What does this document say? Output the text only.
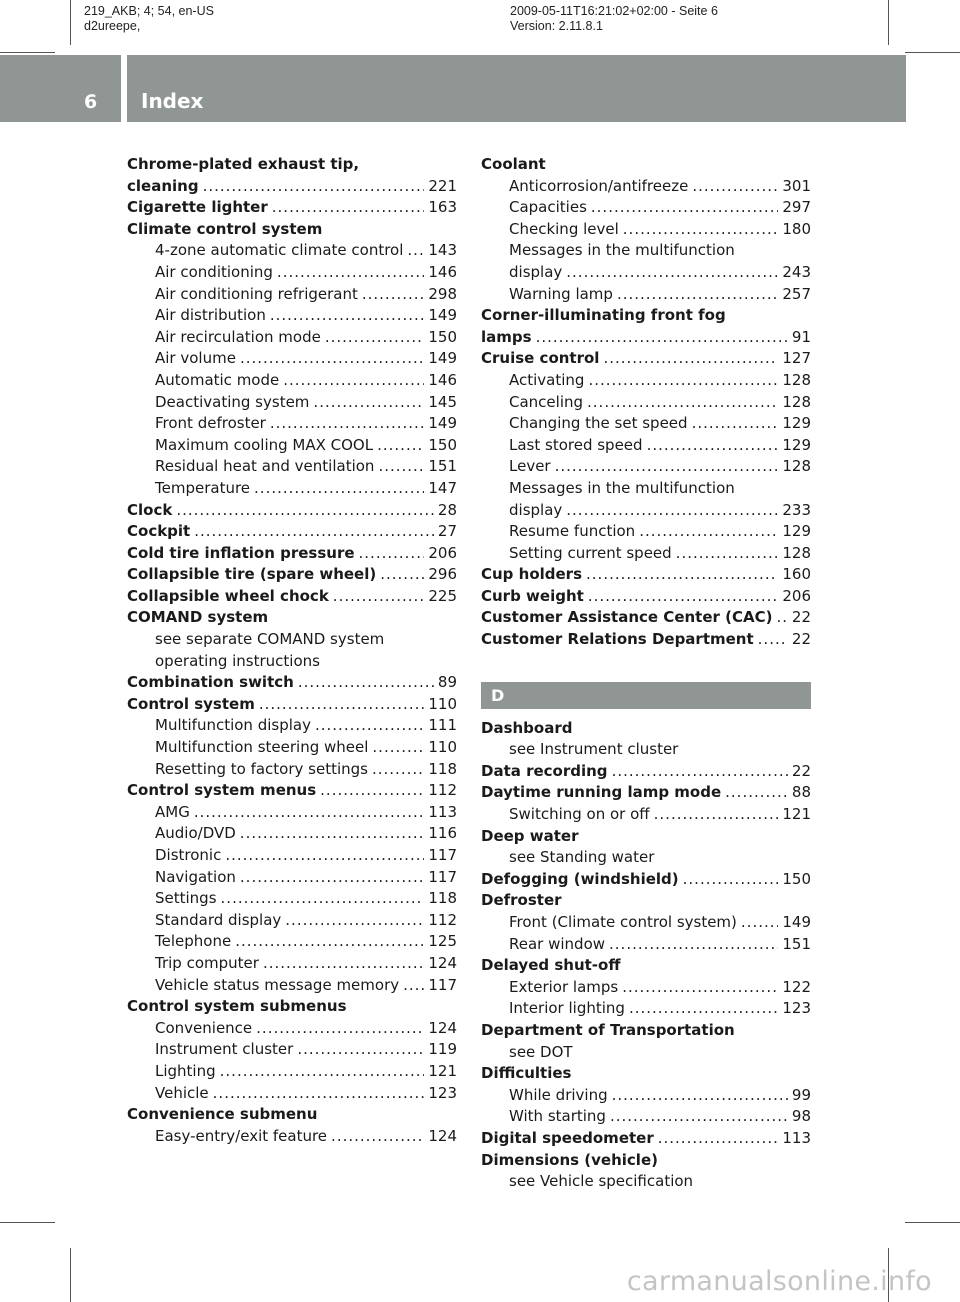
219_AKB; 4; 54, en-US
d2ureepe,
2009-05-11T16:21:02+02:00 - Seite 6
Version: 2.11.8.1
6	Index
Chrome-plated exhaust tip,
cleaning .....	221
Cigarette lighter .....	163
Climate control system
4-zone automatic climate control ..... 143
Air conditioning .....	146
Air conditioning refrigerant .....	298
Air distribution .....	149
Air recirculation mode .....	150
Air volume .....	149
Automatic mode .....	146
Deactivating system .....	145
Front defroster .....	149
Maximum cooling MAX COOL .....	150
Residual heat and ventilation .....	151
Temperature .....	147
Clock .....	28
Cockpit .....	27
Cold tire inflation pressure .....	206
Collapsible tire (spare wheel) .....	296
Collapsible wheel chock .....	225
COMAND system
see separate COMAND system
operating instructions
Combination switch .....	89
Control system .....	110
Multifunction display .....	111
Multifunction steering wheel .....	110
Resetting to factory settings .....	118
Control system menus .....	112
AMG .....	113
Audio/DVD .....	116
Distronic .....	117
Navigation .....	117
Settings .....	118
Standard display .....	112
Telephone .....	125
Trip computer .....	124
Vehicle status message memory ..... 117
Control system submenus
Convenience .....	124
Instrument cluster .....	119
Lighting .....	121
Vehicle .....	123
Convenience submenu
Easy-entry/exit feature .....	124
Coolant
Anticorrosion/antifreeze .....	301
Capacities .....	297
Checking level .....	180
Messages in the multifunction
display .....	243
Warning lamp .....	257
Corner-illuminating front fog
lamps .....	91
Cruise control .....	127
Activating .....	128
Canceling .....	128
Changing the set speed .....	129
Last stored speed .....	129
Lever .....	128
Messages in the multifunction
display .....	233
Resume function .....	129
Setting current speed .....	128
Cup holders .....	160
Curb weight .....	206
Customer Assistance Center (CAC) ..... 22
Customer Relations Department .....	22
D
Dashboard
see Instrument cluster
Data recording .....	22
Daytime running lamp mode .....	88
Switching on or off .....	121
Deep water
see Standing water
Defogging (windshield) .....	150
Defroster
Front (Climate control system) .....	149
Rear window .....	151
Delayed shut-off
Exterior lamps .....	122
Interior lighting .....	123
Department of Transportation
see DOT
Difficulties
While driving .....	99
With starting .....	98
Digital speedometer .....	113
Dimensions (vehicle)
see Vehicle specification
carmanualsonline.info
